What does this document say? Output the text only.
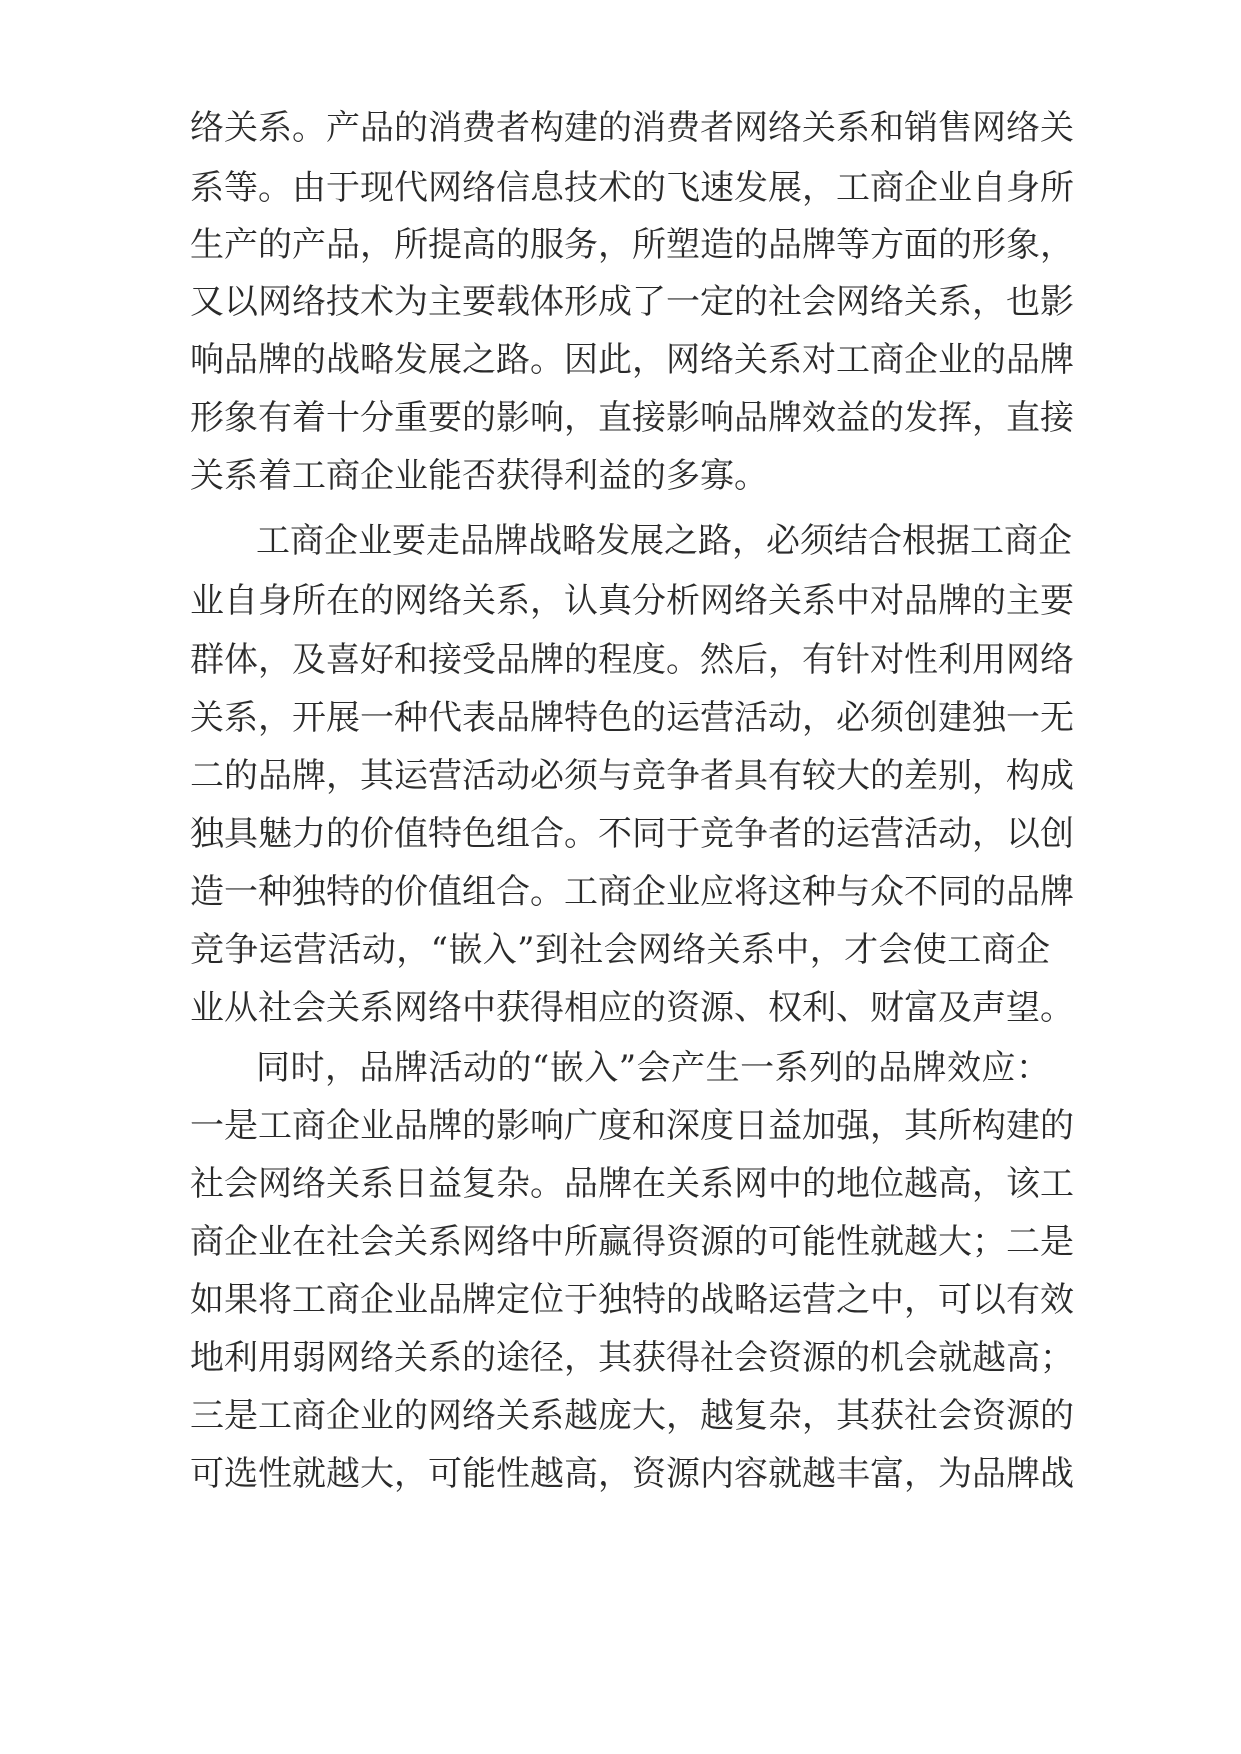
络关系。产品的消费者构建的消费者网络关系和销售网络关
系等。由于现代网络信息技术的飞速发展，工商企业自身所
生产的产品，所提高的服务，所塑造的品牌等方面的形象，
又以网络技术为主要载体形成了一定的社会网络关系，也影
响品牌的战略发展之路。因此，网络关系对工商企业的品牌
形象有着十分重要的影响，直接影响品牌效益的发挥，直接
关系着工商企业能否获得利益的多寡。
工商企业要走品牌战略发展之路，必须结合根据工商企
业自身所在的网络关系，认真分析网络关系中对品牌的主要
群体，及喜好和接受品牌的程度。然后，有针对性利用网络
关系，开展一种代表品牌特色的运营活动，必须创建独一无
二的品牌，其运营活动必须与竞争者具有较大的差别，构成
独具魅力的价值特色组合。不同于竞争者的运营活动，以创
造一种独特的价值组合。工商企业应将这种与众不同的品牌
竞争运营活动，“嵌入”到社会网络关系中，才会使工商企
业从社会关系网络中获得相应的资源、权利、财富及声望。
同时，品牌活动的“嵌入”会产生一系列的品牌效应：
一是工商企业品牌的影响广度和深度日益加强，其所构建的
社会网络关系日益复杂。品牌在关系网中的地位越高，该工
商企业在社会关系网络中所赢得资源的可能性就越大；二是
如果将工商企业品牌定位于独特的战略运营之中，可以有效
地利用弱网络关系的途径，其获得社会资源的机会就越高；
三是工商企业的网络关系越庞大，越复杂，其获社会资源的
可选性就越大，可能性越高，资源内容就越丰富，为品牌战
